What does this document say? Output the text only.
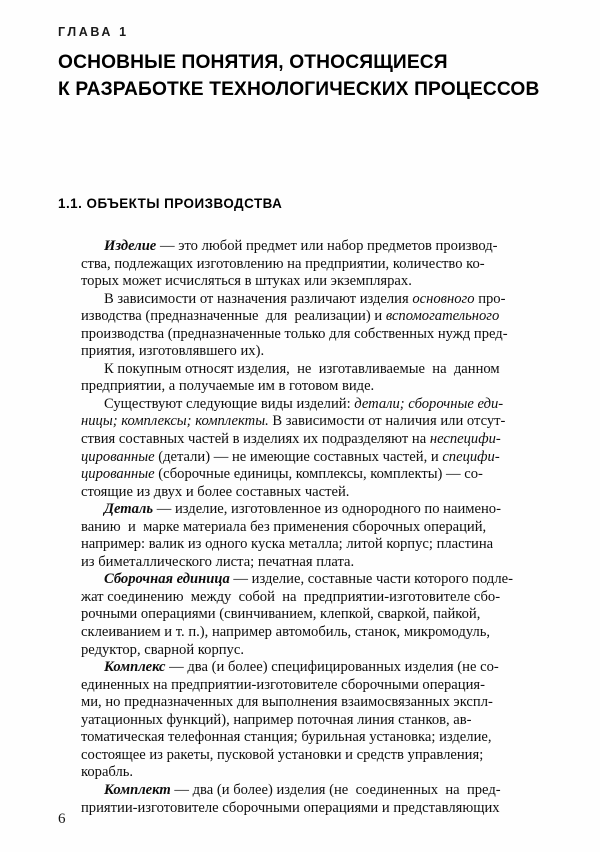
ГЛАВА 1
ОСНОВНЫЕ ПОНЯТИЯ, ОТНОСЯЩИЕСЯ
К РАЗРАБОТКЕ ТЕХНОЛОГИЧЕСКИХ ПРОЦЕССОВ
1.1. ОБЪЕКТЫ ПРОИЗВОДСТВА

Изделие — это любой предмет или набор предметов производ-
ства, подлежащих изготовлению на предприятии, количество ко-
торых может исчисляться в штуках или экземплярах.

В зависимости от назначения различают изделия основного про-
изводства (предназначенные  для  реализации) и вспомогательного
производства (предназначенные только для собственных нужд пред-
приятия, изготовлявшего их).

К покупным относят изделия,  не  изготавливаемые  на  данном
предприятии, а получаемые им в готовом виде.

Существуют следующие виды изделий: детали; сборочные еди-
ницы; комплексы; комплекты. В зависимости от наличия или отсут-
ствия составных частей в изделиях их подразделяют на неспецифи-
цированные (детали) — не имеющие составных частей, и специфи-
цированные (сборочные единицы, комплексы, комплекты) — со-
стоящие из двух и более составных частей.

Деталь — изделие, изготовленное из однородного по наимено-
ванию  и  марке материала без применения сборочных операций,
например: валик из одного куска металла; литой корпус; пластина
из биметаллического листа; печатная плата.

Сборочная единица — изделие, составные части которого подле-
жат соединению  между  собой  на  предприятии-изготовителе сбо-
рочными операциями (свинчиванием, клепкой, сваркой, пайкой,
склеиванием и т. п.), например автомобиль, станок, микромодуль,
редуктор, сварной корпус.

Комплекс — два (и более) специфицированных изделия (не со-
единенных на предприятии-изготовителе сборочными операция-
ми, но предназначенных для выполнения взаимосвязанных экспл-
уатационных функций), например поточная линия станков, ав-
томатическая телефонная станция; бурильная установка; изделие,
состоящее из ракеты, пусковой установки и средств управления;
корабль.

Комплект — два (и более) изделия (не  соединенных  на  пред-
приятии-изготовителе сборочными операциями и представляющих

6
